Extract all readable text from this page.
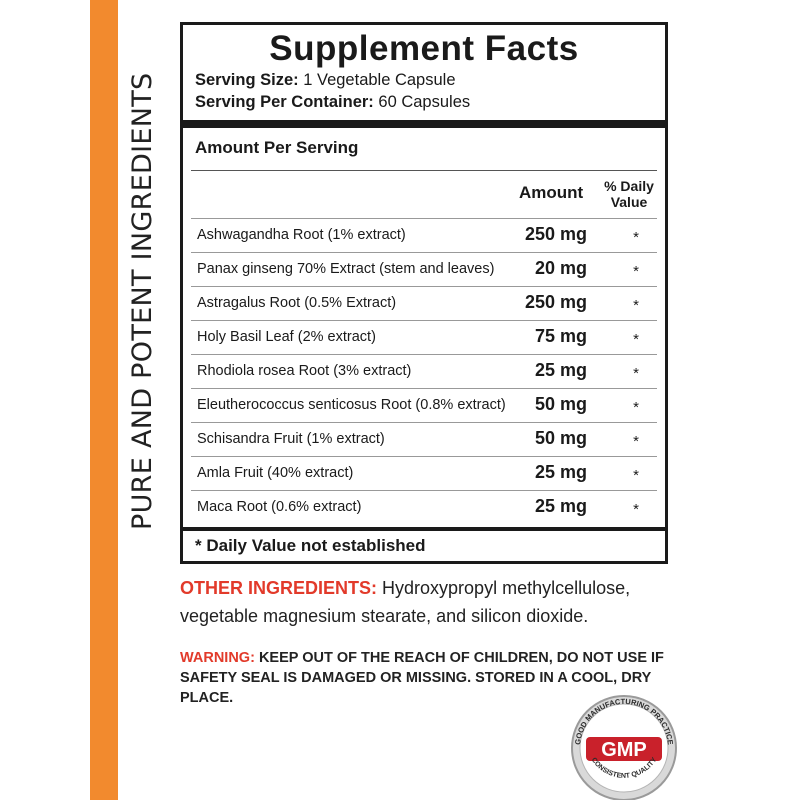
PURE AND POTENT INGREDIENTS
Supplement Facts
Serving Size: 1 Vegetable Capsule
Serving Per Container: 60 Capsules
Amount Per Serving
Amount	% Daily
Value
Ashwagandha Root (1% extract)	250 mg	*
Panax ginseng 70% Extract (stem and leaves) 20 mg	*
Astragalus Root (0.5% Extract)	250 mg	*
Holy Basil Leaf (2% extract)	75 mg	*
Rhodiola rosea Root (3% extract)	25 mg	*
Eleutherococcus senticosus Root (0.8% extract) 50 mg	*
Schisandra Fruit (1% extract)	50 mg	*
Amla Fruit (40% extract)	25 mg	*
Maca Root (0.6% extract)	25 mg	*
* Daily Value not established
OTHER INGREDIENTS: Hydroxypropyl methylcellulose, vegetable magnesium stearate, and silicon dioxide.
WARNING: KEEP OUT OF THE REACH OF CHILDREN, DO NOT USE IF SAFETY SEAL IS DAMAGED OR MISSING. STORED IN A COOL, DRY PLACE.
GOOD MANUFACTURING PRACTICE
GMP
CONSISTENT QUALITY
